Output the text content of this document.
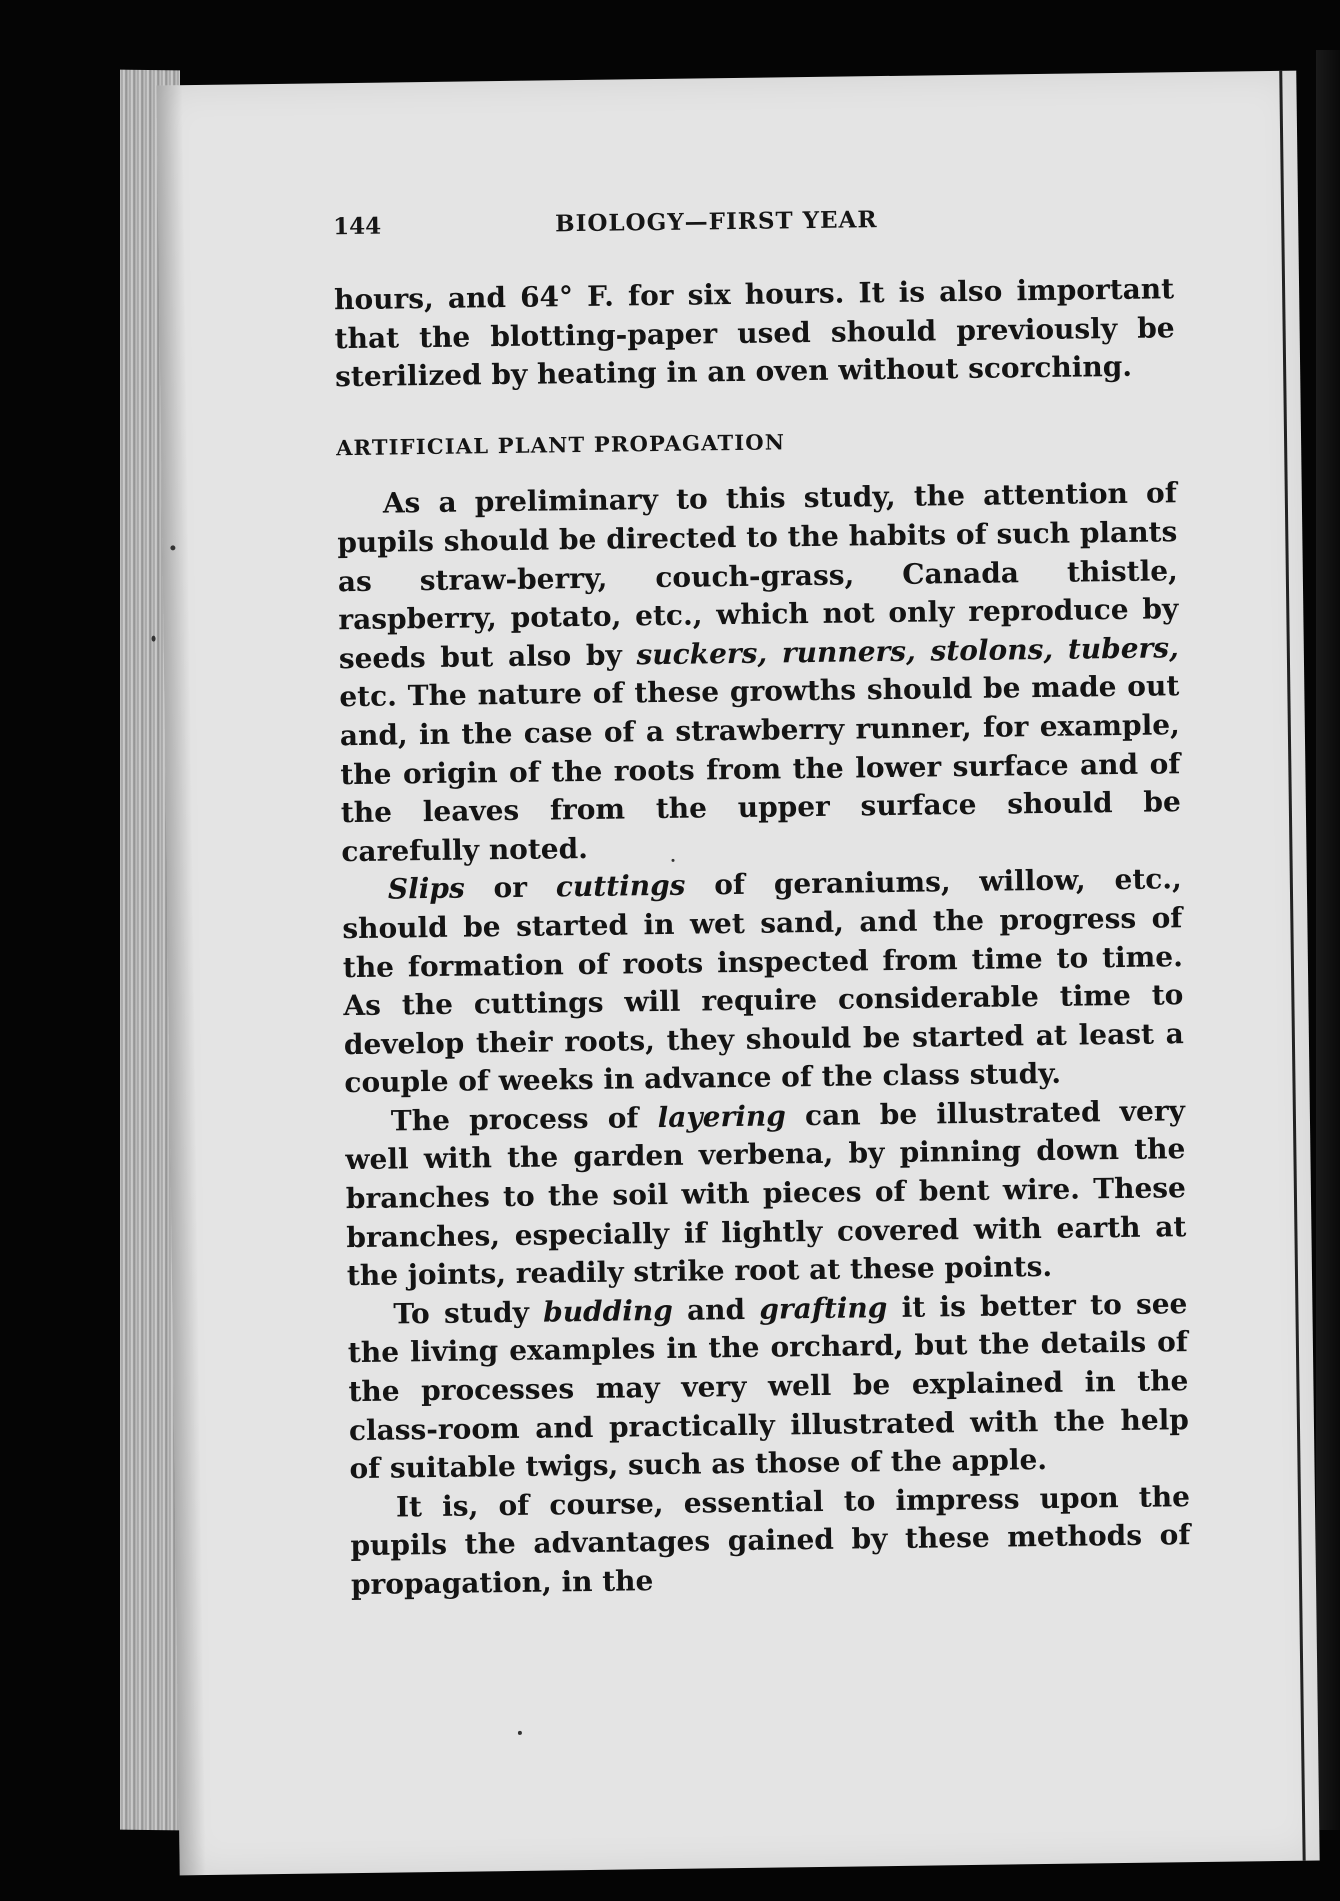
144	BIOLOGY—FIRST YEAR

hours, and 64° F. for six hours. It is also important that the blotting-paper used should previously be sterilized by heating in an oven without scorching.

ARTIFICIAL PLANT PROPAGATION

As a preliminary to this study, the attention of pupils should be directed to the habits of such plants as straw-berry, couch-grass, Canada thistle, raspberry, potato, etc., which not only reproduce by seeds but also by suckers, runners, stolons, tubers, etc. The nature of these growths should be made out and, in the case of a strawberry runner, for example, the origin of the roots from the lower surface and of the leaves from the upper surface should be carefully noted.

Slips or cuttings of geraniums, willow, etc., should be started in wet sand, and the progress of the formation of roots inspected from time to time. As the cuttings will require considerable time to develop their roots, they should be started at least a couple of weeks in advance of the class study.

The process of layering can be illustrated very well with the garden verbena, by pinning down the branches to the soil with pieces of bent wire. These branches, especially if lightly covered with earth at the joints, readily strike root at these points.

To study budding and grafting it is better to see the living examples in the orchard, but the details of the processes may very well be explained in the class-room and practically illustrated with the help of suitable twigs, such as those of the apple.

It is, of course, essential to impress upon the pupils the advantages gained by these methods of propagation, in the
